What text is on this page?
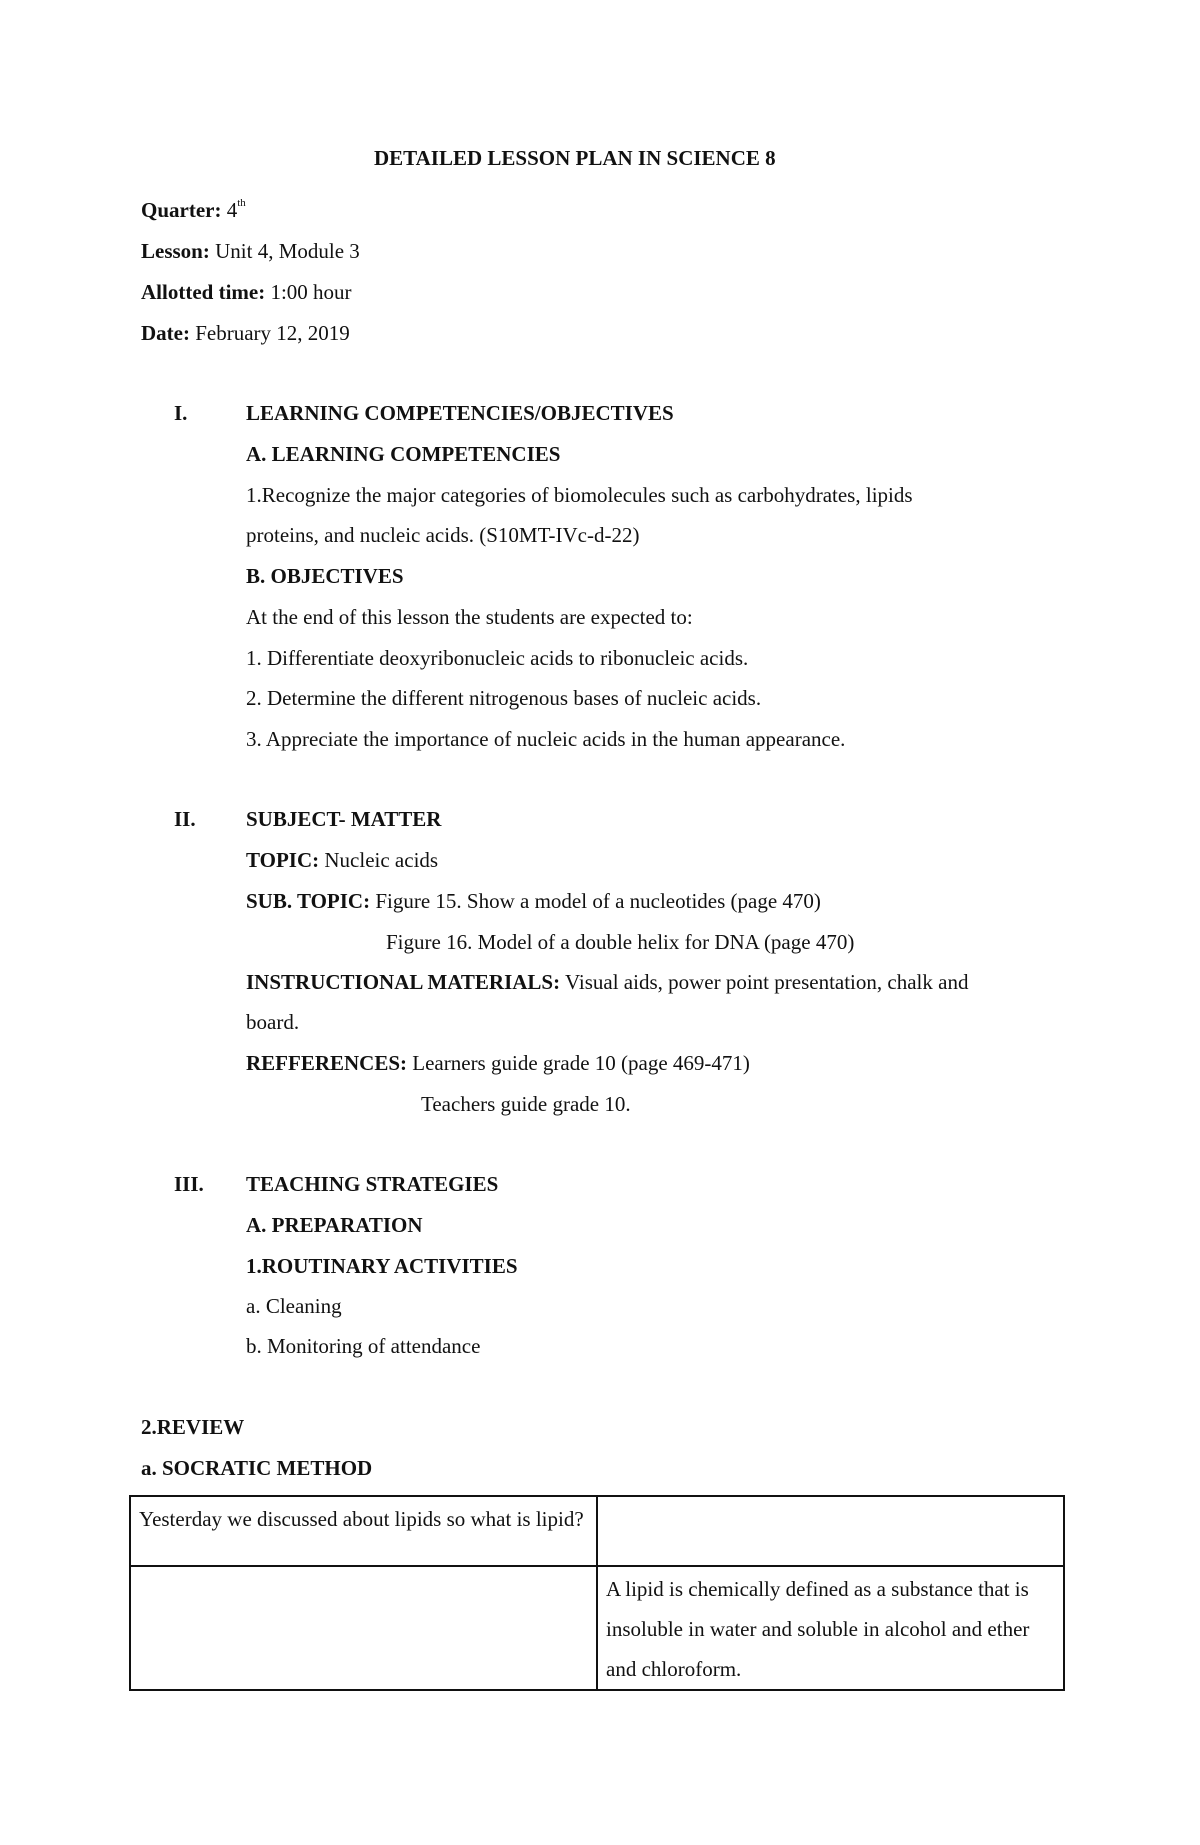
DETAILED LESSON PLAN IN SCIENCE 8
Quarter: 4th
Lesson: Unit 4, Module 3
Allotted time: 1:00 hour
Date: February 12, 2019
I.	LEARNING COMPETENCIES/OBJECTIVES
A. LEARNING COMPETENCIES
1.Recognize the major categories of biomolecules such as carbohydrates, lipids
proteins, and nucleic acids. (S10MT-IVc-d-22)
B. OBJECTIVES
At the end of this lesson the students are expected to:
1. Differentiate deoxyribonucleic acids to ribonucleic acids.
2. Determine the different nitrogenous bases of nucleic acids.
3. Appreciate the importance of nucleic acids in the human appearance.
II. SUBJECT- MATTER
TOPIC: Nucleic acids
SUB. TOPIC: Figure 15. Show a model of a nucleotides (page 470)
Figure 16. Model of a double helix for DNA (page 470)
INSTRUCTIONAL MATERIALS: Visual aids, power point presentation, chalk and
board.
REFFERENCES: Learners guide grade 10 (page 469-471)
Teachers guide grade 10.
III. TEACHING STRATEGIES
A. PREPARATION
1.ROUTINARY ACTIVITIES
a. Cleaning
b. Monitoring of attendance
2.REVIEW
a. SOCRATIC METHOD
Yesterday we discussed about lipids so what is lipid?	
	A lipid is chemically defined as a substance that is insoluble in water and soluble in alcohol and ether and chloroform.
